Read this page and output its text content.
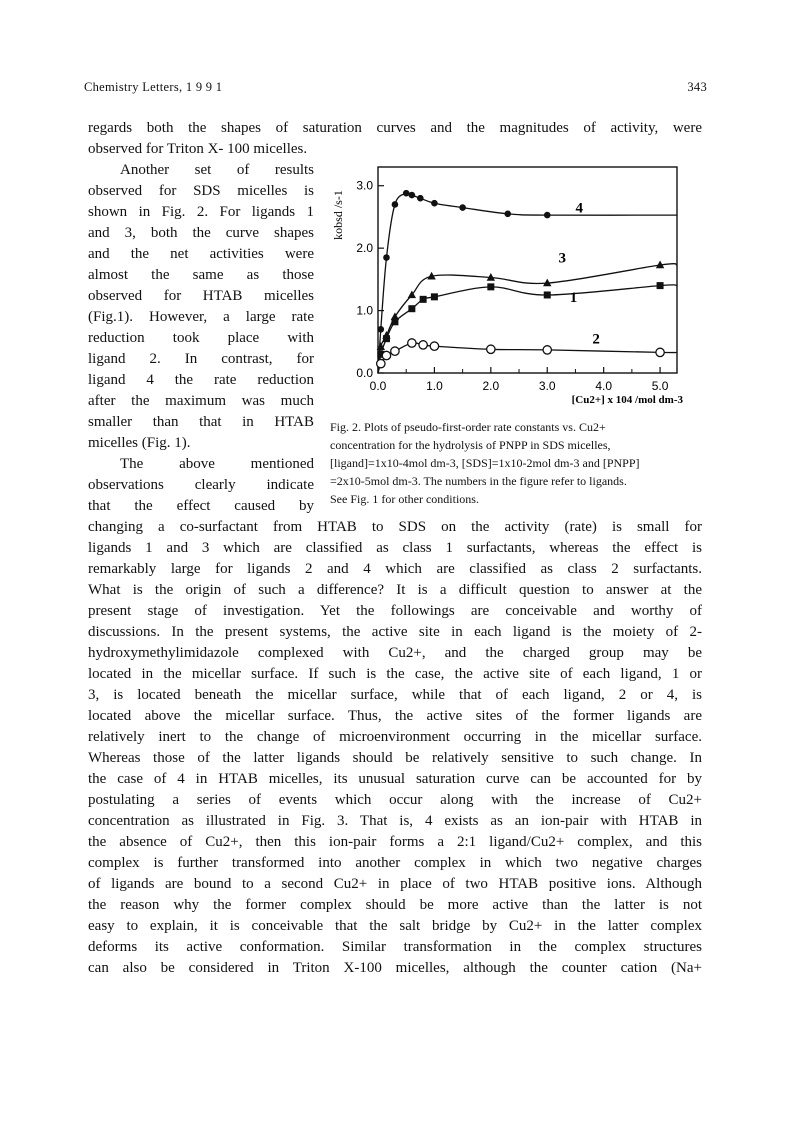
Chemistry Letters, 1 9 9 1	343
regards both the shapes of saturation curves and the magnitudes of activity, were
observed for Triton X- 100 micelles.
Another set of results
observed for SDS micelles is
shown in Fig. 2. For ligands 1
and 3, both the curve shapes
and the net activities were
almost the same as those
observed for HTAB micelles
(Fig.1). However, a large rate
reduction took place with
ligand 2. In contrast, for
ligand 4 the rate reduction
after the maximum was much
smaller than that in HTAB
micelles (Fig. 1).
The above mentioned
observations clearly indicate
that the effect caused by
changing a co-surfactant from HTAB to SDS on the activity (rate) is small for
ligands 1 and 3 which are classified as class 1 surfactants, whereas the effect is
remarkably large for ligands 2 and 4 which are classified as class 2 surfactants.
What is the origin of such a difference? It is a difficult question to answer at the
present stage of investigation. Yet the followings are conceivable and worthy of
discussions. In the present systems, the active site in each ligand is the moiety of 2-
hydroxymethylimidazole complexed with Cu2+, and the charged group may be
located in the micellar surface. If such is the case, the active site of each ligand, 1 or
3, is located beneath the micellar surface, while that of each ligand, 2 or 4, is
located above the micellar surface. Thus, the active sites of the former ligands are
relatively inert to the change of microenvironment occurring in the micellar surface.
Whereas those of the latter ligands should be relatively sensitive to such change. In
the case of 4 in HTAB micelles, its unusual saturation curve can be accounted for by
postulating a series of events which occur along with the increase of Cu2+
concentration as illustrated in Fig. 3. That is, 4 exists as an ion-pair with HTAB in
the absence of Cu2+, then this ion-pair forms a 2:1 ligand/Cu2+ complex, and this
complex is further transformed into another complex in which two negative charges
of ligands are bound to a second Cu2+ in place of two HTAB positive ions. Although
the reason why the former complex should be more active than the latter is not
easy to explain, it is conceivable that the salt bridge by Cu2+ in the latter complex
deforms its active conformation. Similar transformation in the complex structures
can also be considered in Triton X-100 micelles, although the counter cation (Na+
0.0	1.0	2.0	3.0	4.0	5.0
0.0
1.0
2.0
3.0
kobsd /s-1
[Cu2+] x 104 /mol dm-3
4
3
1
2
Fig. 2. Plots of pseudo-first-order rate constants vs. Cu2+
concentration for the hydrolysis of PNPP in SDS micelles,
[ligand]=1x10-4mol dm-3, [SDS]=1x10-2mol dm-3 and [PNPP]
=2x10-5mol dm-3. The numbers in the figure refer to ligands.
See Fig. 1 for other conditions.
